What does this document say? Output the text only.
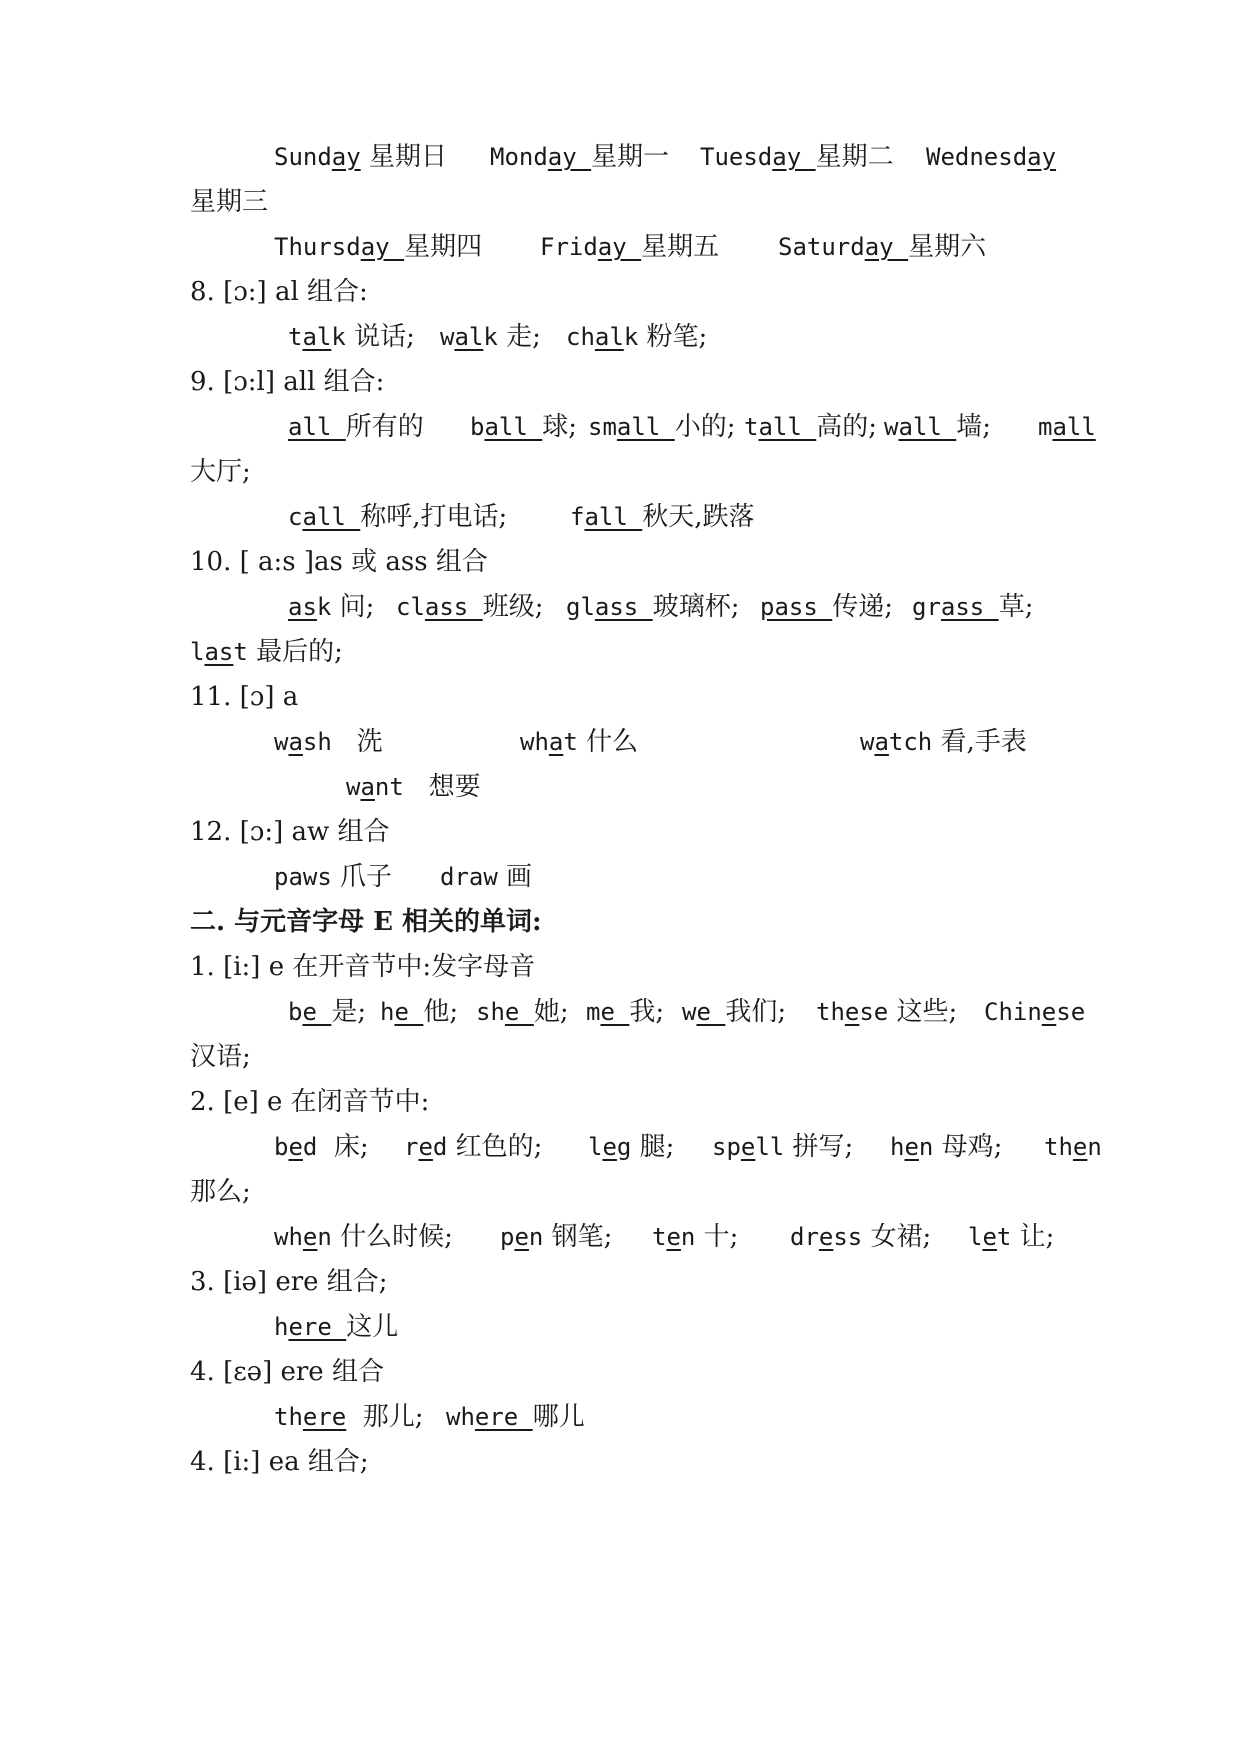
Sunday 星期日 Monday 星期一 Tuesday 星期二 Wednesday
星期三
Thursday 星期四 Friday 星期五 Saturday 星期六
8. [ɔ:] al 组合:
talk 说话; walk 走; chalk 粉笔;
9. [ɔ:l] all 组合:
all 所有的 ball 球; small 小的; tall 高的; wall 墙; mall
大厅;
call 称呼,打电话;	fall 秋天,跌落
10. [ a:s ]as 或 ass 组合
ask 问; class 班级; glass 玻璃杯; pass 传递; grass 草;
last 最后的;
11. [ɔ] a
wash   洗	what 什么	watch 看,手表
want   想要
12. [ɔ:] aw 组合
paws 爪子 draw 画
二. 与元音字母 E 相关的单词:
1. [i:] e 在开音节中:发字母音
be 是; he 他; she 她; me 我; we 我们; these 这些; Chinese
汉语;
2. [e] e 在闭音节中:
bed  床; red 红色的; leg 腿; spell 拼写; hen 母鸡; then
那么;
when 什么时候; pen 钢笔; ten 十; dress 女裙; let 让;
3. [iə] ere 组合;
here 这儿
4. [εə] ere 组合
there  那儿; where 哪儿
4. [i:] ea 组合;
